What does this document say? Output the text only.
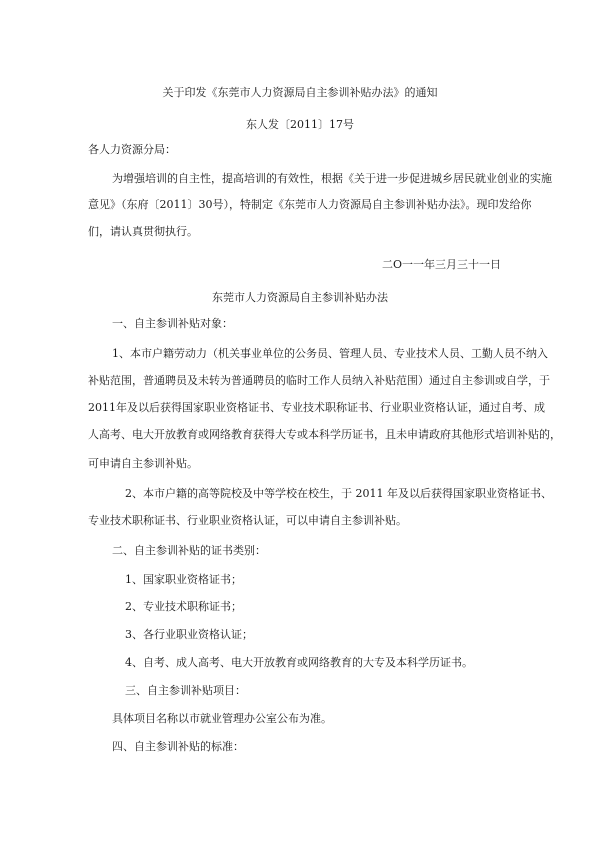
关于印发《东莞市人力资源局自主参训补贴办法》的通知
东人发〔2011〕17号
各人力资源分局：
为增强培训的自主性，提高培训的有效性，根据《关于进一步促进城乡居民就业创业的实施
意见》（东府〔2011〕30号），特制定《东莞市人力资源局自主参训补贴办法》。现印发给你
们，请认真贯彻执行。
二O一一年三月三十一日
东莞市人力资源局自主参训补贴办法
一、自主参训补贴对象：
1、本市户籍劳动力（机关事业单位的公务员、管理人员、专业技术人员、工勤人员不纳入
补贴范围，普通聘员及未转为普通聘员的临时工作人员纳入补贴范围）通过自主参训或自学，于
2011年及以后获得国家职业资格证书、专业技术职称证书、行业职业资格认证，通过自考、成
人高考、电大开放教育或网络教育获得大专或本科学历证书，且未申请政府其他形式培训补贴的，
可申请自主参训补贴。
2、本市户籍的高等院校及中等学校在校生，于 2011 年及以后获得国家职业资格证书、
专业技术职称证书、行业职业资格认证，可以申请自主参训补贴。
二、自主参训补贴的证书类别：
1、国家职业资格证书；
2、专业技术职称证书；
3、各行业职业资格认证；
4、自考、成人高考、电大开放教育或网络教育的大专及本科学历证书。
三、自主参训补贴项目：
具体项目名称以市就业管理办公室公布为准。
四、自主参训补贴的标准：
